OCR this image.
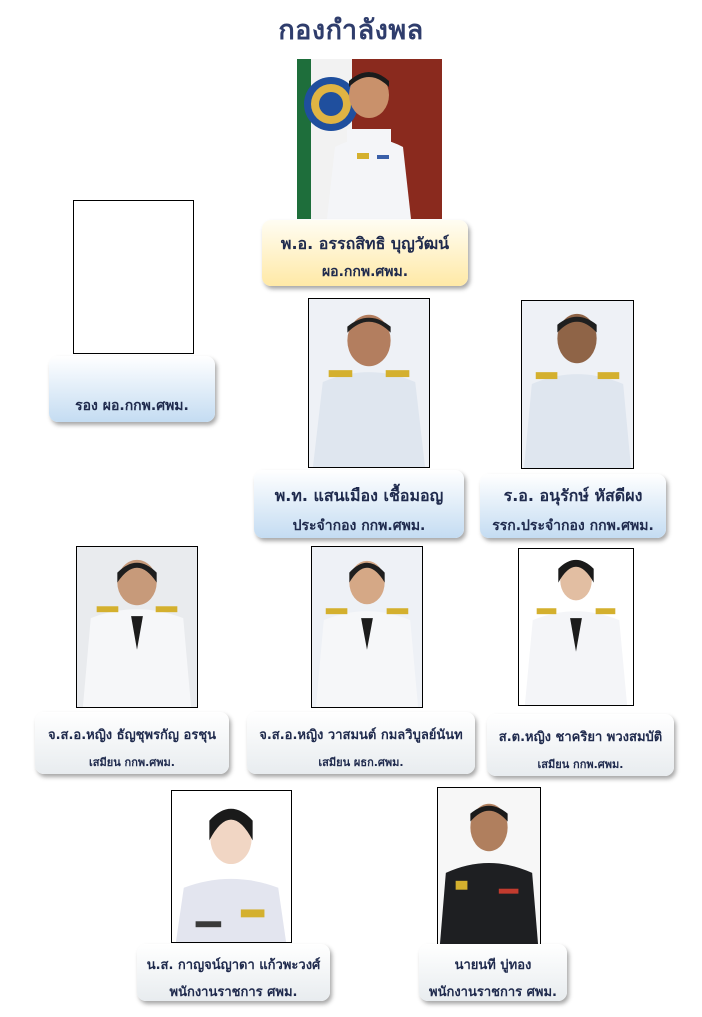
กองกำลังพล
พ.อ. อรรถสิทธิ บุญวัฒน์
ผอ.กกพ.ศพม.
รอง ผอ.กกพ.ศพม.
พ.ท. แสนเมือง เชื้อมอญ
ประจำกอง กกพ.ศพม.
ร.อ. อนุรักษ์ หัสดีผง
รรก.ประจำกอง กกพ.ศพม.
จ.ส.อ.หญิง ธัญชุพรกัญ อรชุน
เสมียน กกพ.ศพม.
จ.ส.อ.หญิง วาสมนต์ กมลวิบูลย์นันท
เสมียน ผธก.ศพม.
ส.ต.หญิง ชาคริยา พวงสมบัติ
เสมียน กกพ.ศพม.
น.ส. กาญจน์ญาดา แก้วพะวงศ์
พนักงานราชการ ศพม.
นายนที บู่ทอง
พนักงานราชการ ศพม.
